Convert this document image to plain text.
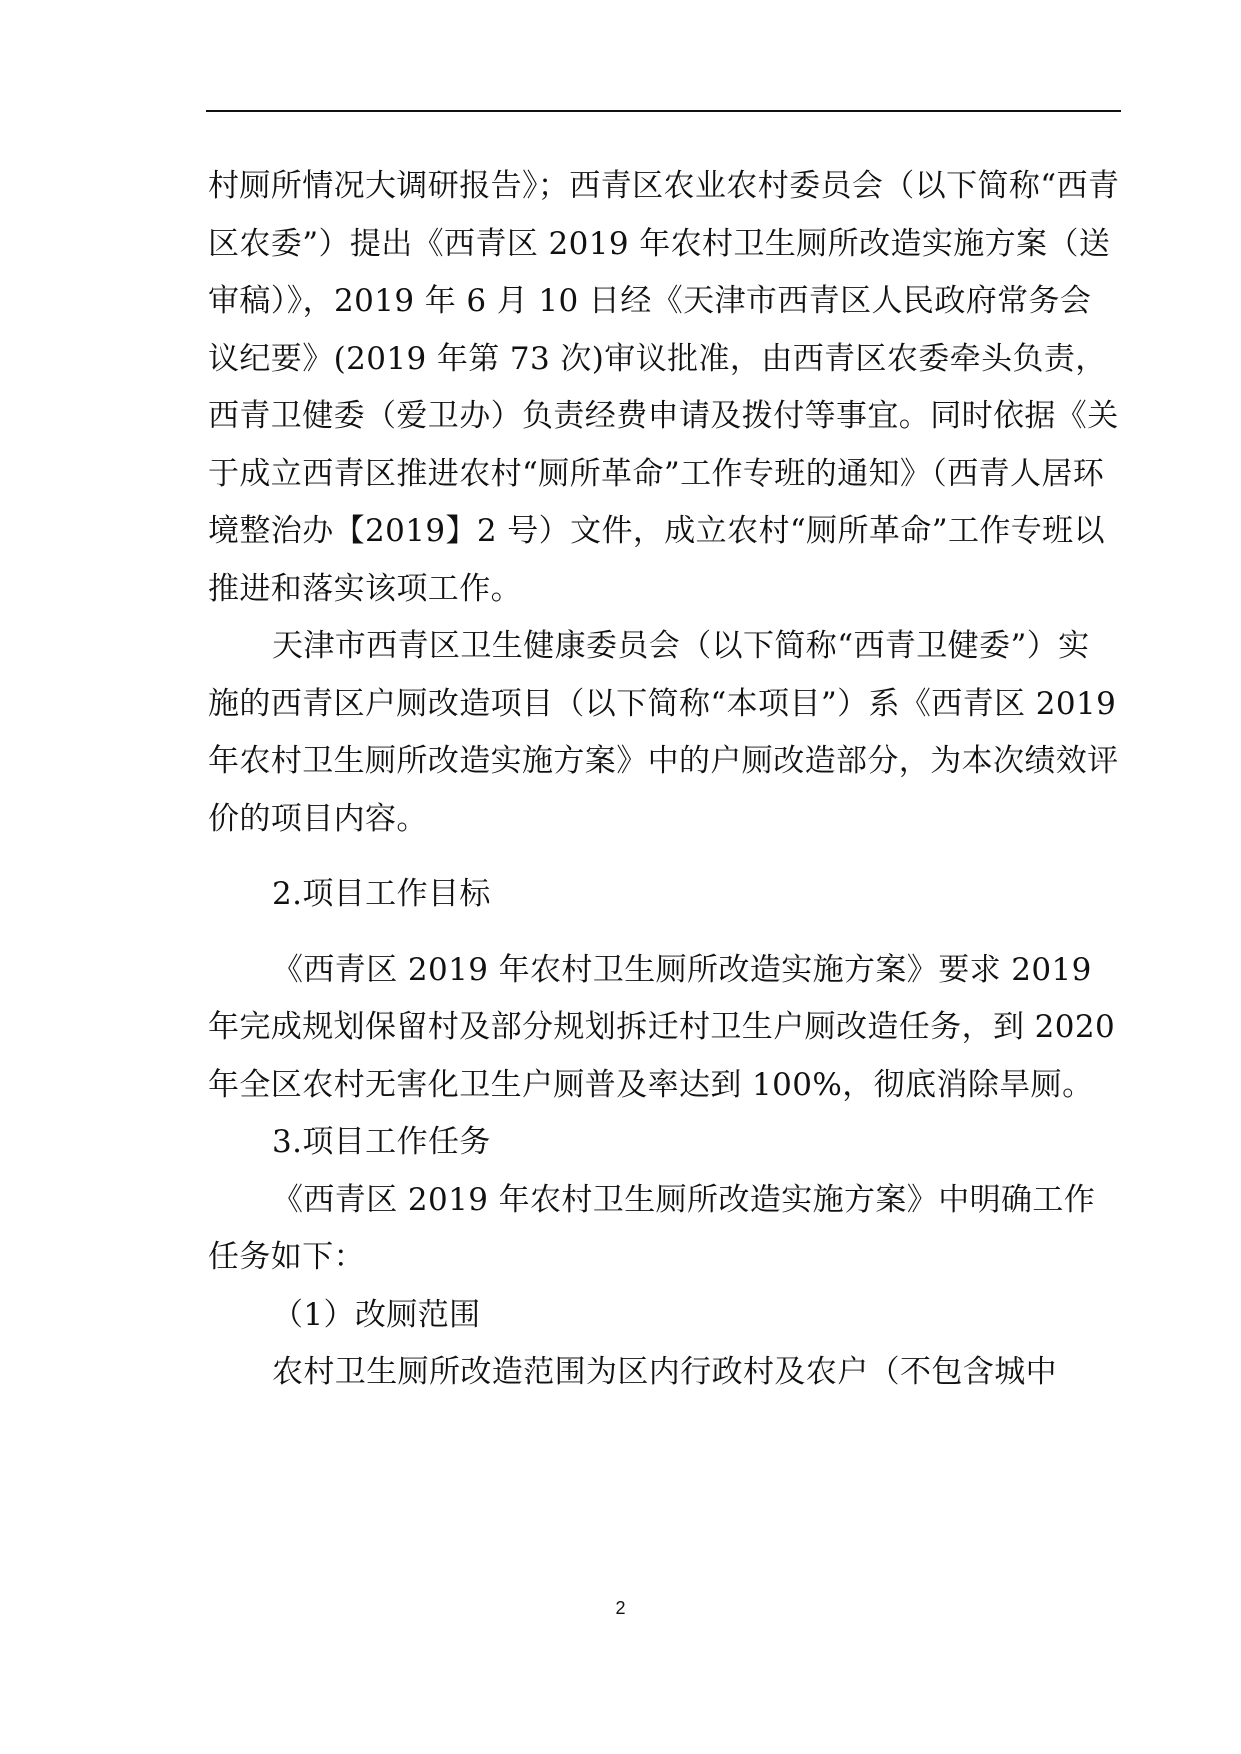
村厕所情况大调研报告》；西青区农业农村委员会（以下简称“西青区农委”）提出《西青区 2019 年农村卫生厕所改造实施方案（送审稿）》，2019 年 6 月 10 日经《天津市西青区人民政府常务会议纪要》(2019 年第 73 次)审议批准，由西青区农委牵头负责，西青卫健委（爱卫办）负责经费申请及拨付等事宜。同时依据《关于成立西青区推进农村“厕所革命”工作专班的通知》（西青人居环境整治办【2019】2 号）文件，成立农村“厕所革命”工作专班以推进和落实该项工作。

天津市西青区卫生健康委员会（以下简称“西青卫健委”）实施的西青区户厕改造项目（以下简称“本项目”）系《西青区 2019 年农村卫生厕所改造实施方案》中的户厕改造部分，为本次绩效评价的项目内容。

2.项目工作目标

《西青区 2019 年农村卫生厕所改造实施方案》要求 2019 年完成规划保留村及部分规划拆迁村卫生户厕改造任务，到 2020 年全区农村无害化卫生户厕普及率达到 100%，彻底消除旱厕。

3.项目工作任务

《西青区 2019 年农村卫生厕所改造实施方案》中明确工作任务如下：

（1）改厕范围

农村卫生厕所改造范围为区内行政村及农户（不包含城中

2
